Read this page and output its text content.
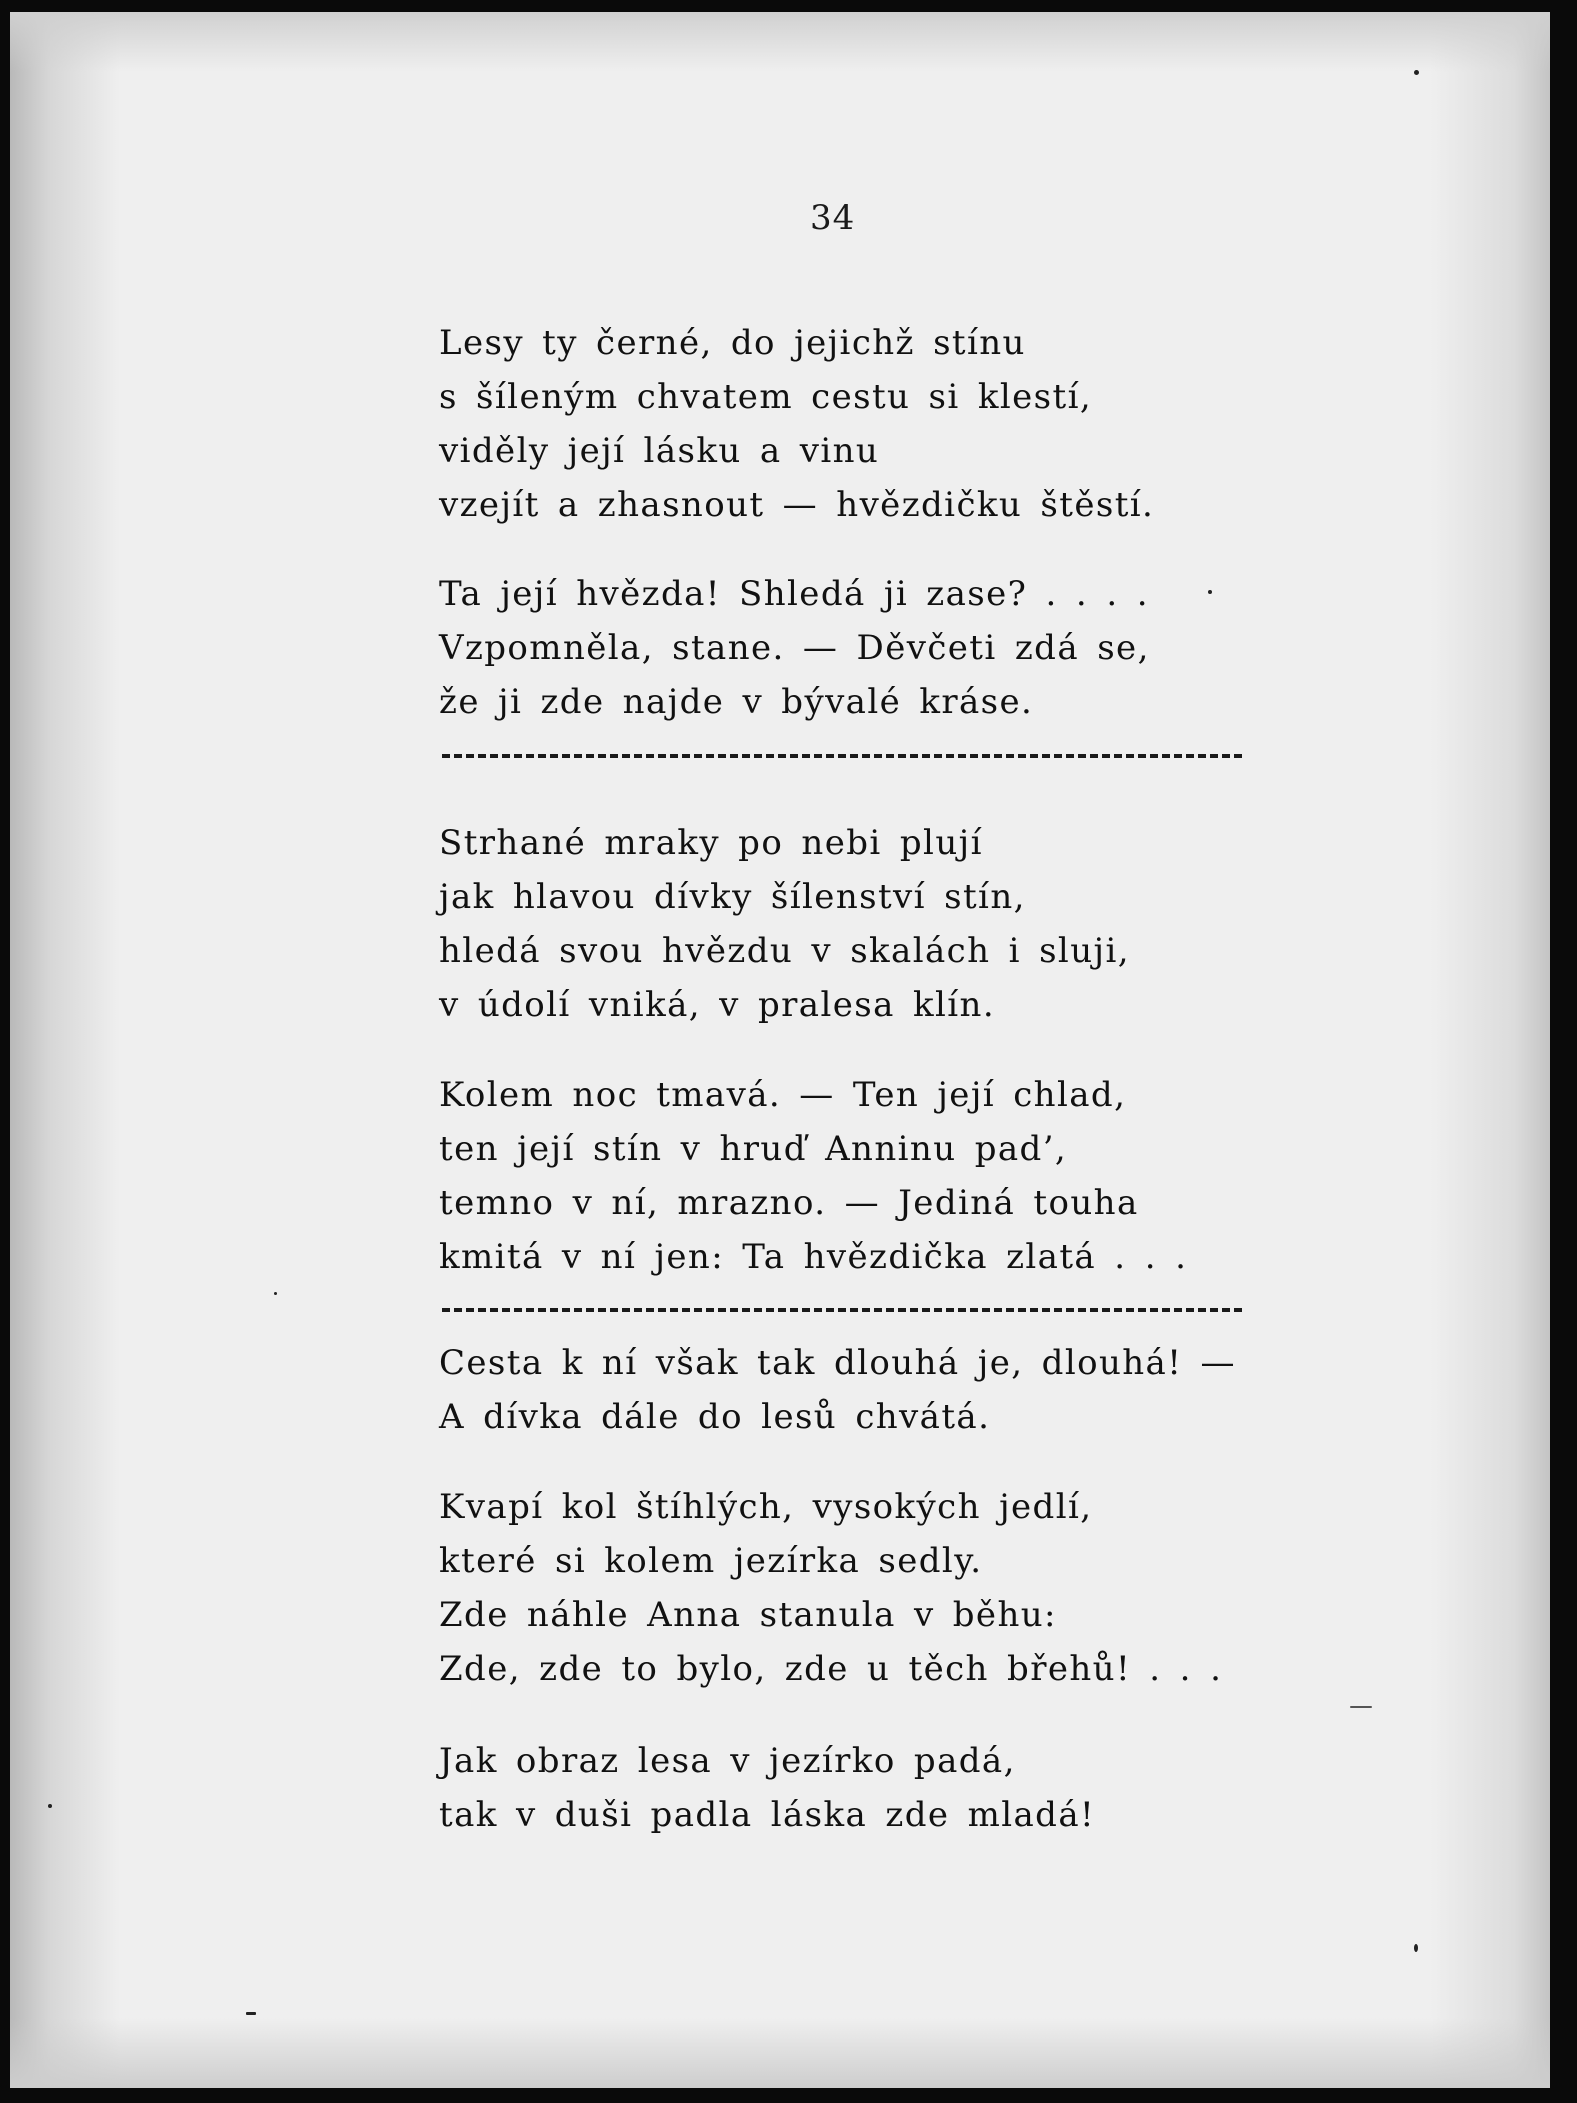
34

Lesy ty černé, do jejichž stínu
s šíleným chvatem cestu si klestí,
viděly její lásku a vinu
vzejít a zhasnout — hvězdičku štěstí.

Ta její hvězda! Shledá ji zase? . . . .
Vzpomněla, stane. — Děvčeti zdá se,
že ji zde najde v bývalé kráse.

Strhané mraky po nebi plují
jak hlavou dívky šílenství stín,
hledá svou hvězdu v skalách i sluji,
v údolí vniká, v pralesa klín.

Kolem noc tmavá. — Ten její chlad,
ten její stín v hruď Anninu pad’,
temno v ní, mrazno. — Jediná touha
kmitá v ní jen: Ta hvězdička zlatá . . .

Cesta k ní však tak dlouhá je, dlouhá! —
A dívka dále do lesů chvátá.

Kvapí kol štíhlých, vysokých jedlí,
které si kolem jezírka sedly.
Zde náhle Anna stanula v běhu:
Zde, zde to bylo, zde u těch břehů! . . .

Jak obraz lesa v jezírko padá,
tak v duši padla láska zde mladá!
